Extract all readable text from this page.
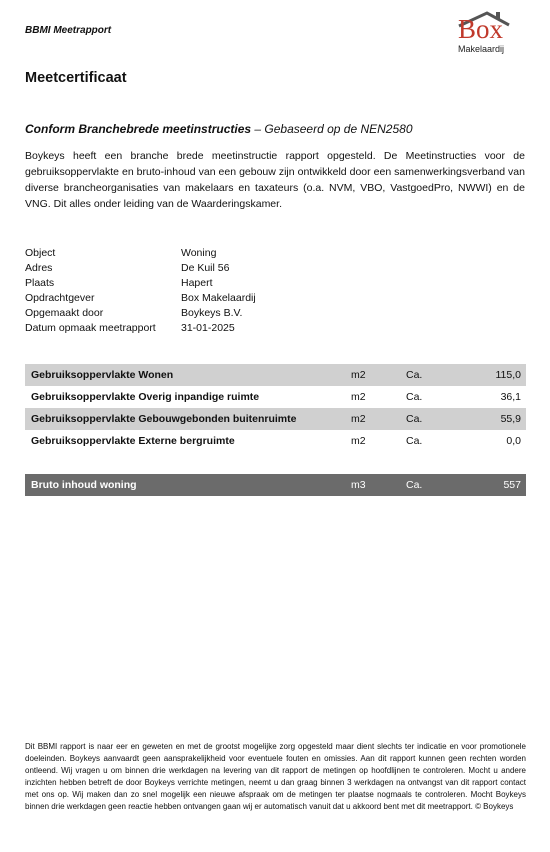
BBMI Meetrapport	Box
Makelaardij
Meetcertificaat
Conform Branchebrede meetinstructies – Gebaseerd op de NEN2580
Boykeys heeft een branche brede meetinstructie rapport opgesteld. De Meetinstructies voor de gebruiksoppervlakte en bruto-inhoud van een gebouw zijn ontwikkeld door een samenwerkingsverband van diverse brancheorganisaties van makelaars en taxateurs (o.a. NVM, VBO, VastgoedPro, NWWI) en de VNG. Dit alles onder leiding van de Waarderingskamer.
Object	Woning
Adres	De Kuil 56
Plaats	Hapert
Opdrachtgever	Box Makelaardij
Opgemaakt door	Boykeys B.V.
Datum opmaak meetrapport	31-01-2025
Gebruiksoppervlakte Wonen	m2	Ca.	115,0
Gebruiksoppervlakte Overig inpandige ruimte	m2	Ca.	36,1
Gebruiksoppervlakte Gebouwgebonden buitenruimte	m2	Ca.	55,9
Gebruiksoppervlakte Externe bergruimte	m2	Ca.	0,0
Bruto inhoud woning	m3	Ca.	557
Dit BBMI rapport is naar eer en geweten en met de grootst mogelijke zorg opgesteld maar dient slechts ter indicatie en voor promotionele doeleinden. Boykeys aanvaardt geen aansprakelijkheid voor eventuele fouten en omissies. Aan dit rapport kunnen geen rechten worden ontleend. Wij vragen u om binnen drie werkdagen na levering van dit rapport de metingen op hoofdlijnen te controleren. Mocht u andere inzichten hebben betreft de door Boykeys verrichte metingen, neemt u dan graag binnen 3 werkdagen na ontvangst van dit rapport contact met ons op. Wij maken dan zo snel mogelijk een nieuwe afspraak om de metingen ter plaatse nogmaals te controleren. Mocht Boykeys binnen drie werkdagen geen reactie hebben ontvangen gaan wij er automatisch vanuit dat u akkoord bent met dit meetrapport. © Boykeys
